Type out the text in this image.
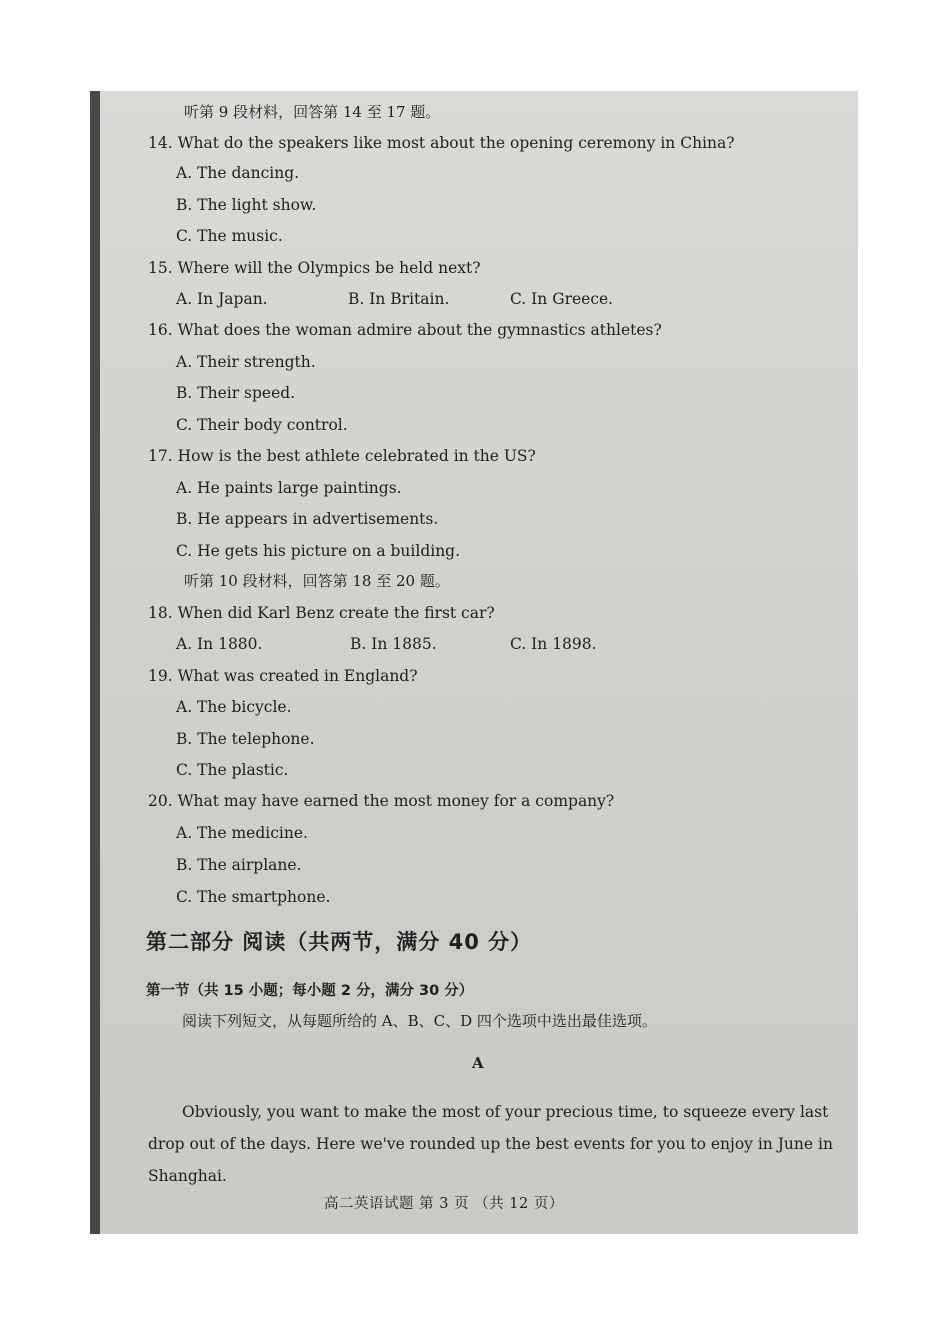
听第 9 段材料，回答第 14 至 17 题。
14. What do the speakers like most about the opening ceremony in China?
A. The dancing.
B. The light show.
C. The music.
15. Where will the Olympics be held next?
A. In Japan.	B. In Britain.	C. In Greece.
16. What does the woman admire about the gymnastics athletes?
A. Their strength.
B. Their speed.
C. Their body control.
17. How is the best athlete celebrated in the US?
A. He paints large paintings.
B. He appears in advertisements.
C. He gets his picture on a building.
听第 10 段材料，回答第 18 至 20 题。
18. When did Karl Benz create the first car?
A. In 1880.	B. In 1885.	C. In 1898.
19. What was created in England?
A. The bicycle.
B. The telephone.
C. The plastic.
20. What may have earned the most money for a company?
A. The medicine.
B. The airplane.
C. The smartphone.
第二部分 阅读（共两节，满分 40 分）
第一节（共 15 小题；每小题 2 分，满分 30 分）
阅读下列短文，从每题所给的 A、B、C、D 四个选项中选出最佳选项。
A
Obviously, you want to make the most of your precious time, to squeeze every last
drop out of the days. Here we've rounded up the best events for you to enjoy in June in
Shanghai.
高二英语试题 第 3 页 （共 12 页）
